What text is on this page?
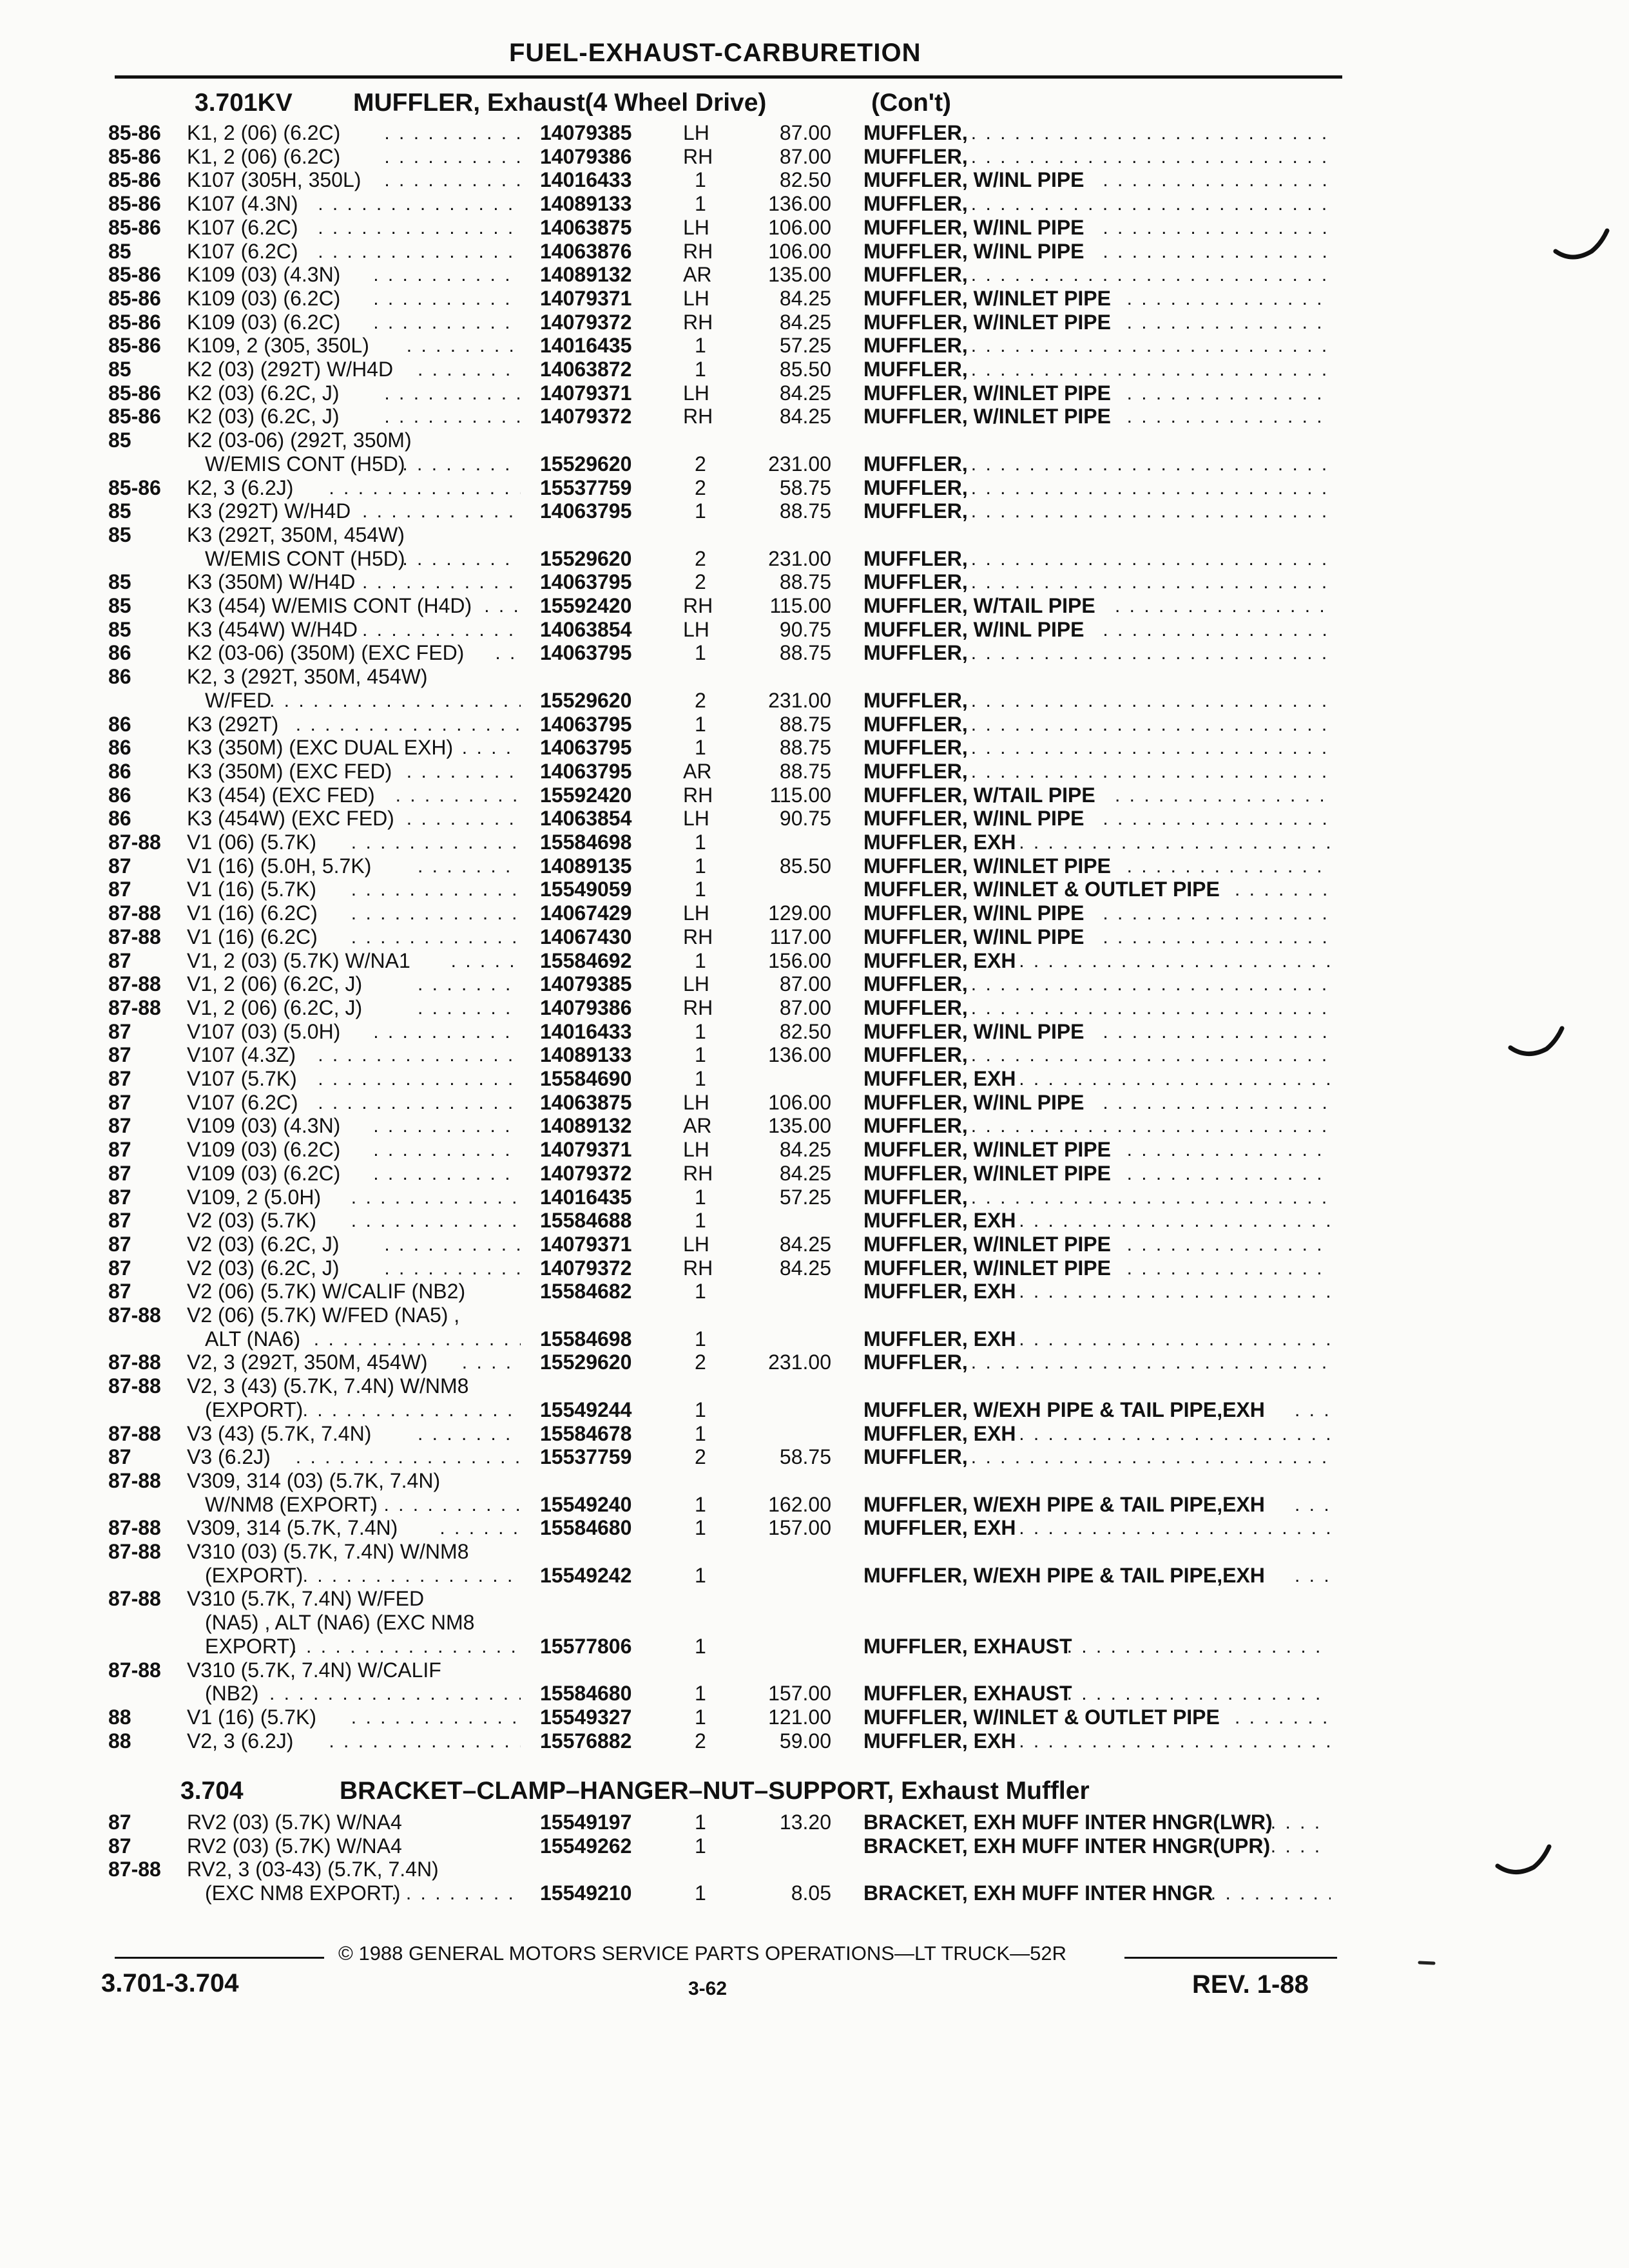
FUEL-EXHAUST-CARBURETION
3.701KV MUFFLER, Exhaust(4 Wheel Drive)	(Con't)
85-86 K1, 2 (06) (6.2C)	14079385 LH	87.00 MUFFLER,
. . .
. . .
85-86 K1, 2 (06) (6.2C)	14079386 RH	87.00 MUFFLER,
. . .
. . .
85-86 K107 (305H, 350L)	14016433	1	82.50 MUFFLER, W/INL PIPE
. . .
. . .
85-86 K107 (4.3N)	14089133	1	136.00 MUFFLER,
. . .
. . .
85-86 K107 (6.2C)	14063875 LH	106.00 MUFFLER, W/INL PIPE
. . .
. . .
85	K107 (6.2C)	14063876 RH	106.00 MUFFLER, W/INL PIPE
. . .
. . .
85-86 K109 (03) (4.3N)	14089132 AR	135.00 MUFFLER,
. . .
. . .
85-86 K109 (03) (6.2C)	14079371 LH	84.25 MUFFLER, W/INLET PIPE
. . .
. . .
85-86 K109 (03) (6.2C)	14079372 RH	84.25 MUFFLER, W/INLET PIPE
. . .
. . .
85-86 K109, 2 (305, 350L)	14016435	1	57.25 MUFFLER,
. . .
. . .
85	K2 (03) (292T) W/H4D	14063872	1	85.50 MUFFLER,
. . .
. . .
85-86 K2 (03) (6.2C, J)	14079371 LH	84.25 MUFFLER, W/INLET PIPE
. . .
. . .
85-86 K2 (03) (6.2C, J)	14079372 RH	84.25 MUFFLER, W/INLET PIPE
. . .
. . .
85	K2 (03-06) (292T, 350M)
W/EMIS CONT (H5D)	15529620	2	231.00 MUFFLER,
. . .
. . .
85-86 K2, 3 (6.2J)	15537759	2	58.75 MUFFLER,
. . .
. . .
85	K3 (292T) W/H4D	14063795	1	88.75 MUFFLER,
. . .
. . .
85	K3 (292T, 350M, 454W)
W/EMIS CONT (H5D)	15529620	2	231.00 MUFFLER,
. . .
. . .
85	K3 (350M) W/H4D	14063795	2	88.75 MUFFLER,
. . .
. . .
85	K3 (454) W/EMIS CONT (H4D)	15592420 RH	115.00 MUFFLER, W/TAIL PIPE
. . .
. . .
85	K3 (454W) W/H4D	14063854 LH	90.75 MUFFLER, W/INL PIPE
. . .
. . .
86	K2 (03-06) (350M) (EXC FED)	14063795	1	88.75 MUFFLER,
. . .
. . .
86	K2, 3 (292T, 350M, 454W)
W/FED	15529620	2	231.00 MUFFLER,
. . .
. . .
86	K3 (292T)	14063795	1	88.75 MUFFLER,
. . .
. . .
86	K3 (350M) (EXC DUAL EXH)	14063795	1	88.75 MUFFLER,
. . .
. . .
86	K3 (350M) (EXC FED)	14063795 AR	88.75 MUFFLER,
. . .
. . .
86	K3 (454) (EXC FED)	15592420 RH	115.00 MUFFLER, W/TAIL PIPE
. . .
. . .
86	K3 (454W) (EXC FED)	14063854 LH	90.75 MUFFLER, W/INL PIPE
. . .
. . .
87-88 V1 (06) (5.7K)	15584698	1	MUFFLER, EXH
. . .
. . .
87	V1 (16) (5.0H, 5.7K)	14089135	1	85.50 MUFFLER, W/INLET PIPE
. . .
. . .
87	V1 (16) (5.7K)	15549059	1	MUFFLER, W/INLET & OUTLET PIPE
. . .
. . .
87-88 V1 (16) (6.2C)	14067429 LH	129.00 MUFFLER, W/INL PIPE
. . .
. . .
87-88 V1 (16) (6.2C)	14067430 RH	117.00 MUFFLER, W/INL PIPE
. . .
. . .
87	V1, 2 (03) (5.7K) W/NA1	15584692	1	156.00 MUFFLER, EXH
. . .
. . .
87-88 V1, 2 (06) (6.2C, J)	14079385 LH	87.00 MUFFLER,
. . .
. . .
87-88 V1, 2 (06) (6.2C, J)	14079386 RH	87.00 MUFFLER,
. . .
. . .
87	V107 (03) (5.0H)	14016433	1	82.50 MUFFLER, W/INL PIPE
. . .
. . .
87	V107 (4.3Z)	14089133	1	136.00 MUFFLER,
. . .
. . .
87	V107 (5.7K)	15584690	1	MUFFLER, EXH
. . .
. . .
87	V107 (6.2C)	14063875 LH	106.00 MUFFLER, W/INL PIPE
. . .
. . .
87	V109 (03) (4.3N)	14089132 AR	135.00 MUFFLER,
. . .
. . .
87	V109 (03) (6.2C)	14079371 LH	84.25 MUFFLER, W/INLET PIPE
. . .
. . .
87	V109 (03) (6.2C)	14079372 RH	84.25 MUFFLER, W/INLET PIPE
. . .
. . .
87	V109, 2 (5.0H)	14016435	1	57.25 MUFFLER,
. . .
. . .
87	V2 (03) (5.7K)	15584688	1	MUFFLER, EXH
. . .
. . .
87	V2 (03) (6.2C, J)	14079371 LH	84.25 MUFFLER, W/INLET PIPE
. . .
. . .
87	V2 (03) (6.2C, J)	14079372 RH	84.25 MUFFLER, W/INLET PIPE
. . .
. . .
87	V2 (06) (5.7K) W/CALIF (NB2)	15584682	1	MUFFLER, EXH
. . .
87-88 V2 (06) (5.7K) W/FED (NA5) ,
ALT (NA6)	15584698	1	MUFFLER, EXH
. . .
. . .
87-88 V2, 3 (292T, 350M, 454W)	15529620	2	231.00 MUFFLER,
. . .
. . .
87-88 V2, 3 (43) (5.7K, 7.4N) W/NM8
(EXPORT)	15549244	1	MUFFLER, W/EXH PIPE & TAIL PIPE,EXH
. . .
. . .
87-88 V3 (43) (5.7K, 7.4N)	15584678	1	MUFFLER, EXH
. . .
. . .
87	V3 (6.2J)	15537759	2	58.75 MUFFLER,
. . .
. . .
87-88 V309, 314 (03) (5.7K, 7.4N)
W/NM8 (EXPORT)	15549240	1	162.00 MUFFLER, W/EXH PIPE & TAIL PIPE,EXH
. . .
. . .
87-88 V309, 314 (5.7K, 7.4N)	15584680	1	157.00 MUFFLER, EXH
. . .
. . .
87-88 V310 (03) (5.7K, 7.4N) W/NM8
(EXPORT)	15549242	1	MUFFLER, W/EXH PIPE & TAIL PIPE,EXH
. . .
. . .
87-88 V310 (5.7K, 7.4N) W/FED
(NA5) , ALT (NA6) (EXC NM8
EXPORT)	15577806	1	MUFFLER, EXHAUST
. . .
. . .
87-88 V310 (5.7K, 7.4N) W/CALIF
(NB2)	15584680	1	157.00 MUFFLER, EXHAUST
. . .
. . .
88	V1 (16) (5.7K)	15549327	1	121.00 MUFFLER, W/INLET & OUTLET PIPE
. . .
. . .
88	V2, 3 (6.2J)	15576882	2	59.00 MUFFLER, EXH
. . .
. . .
3.704	BRACKET–CLAMP–HANGER–NUT–SUPPORT, Exhaust Muffler
87	RV2 (03) (5.7K) W/NA4	15549197	1	13.20 BRACKET, EXH MUFF INTER HNGR(LWR)
. . .
87	RV2 (03) (5.7K) W/NA4	15549262	1	BRACKET, EXH MUFF INTER HNGR(UPR)
. . .
87-88 RV2, 3 (03-43) (5.7K, 7.4N)
(EXC NM8 EXPORT)	15549210	1	8.05 BRACKET, EXH MUFF INTER HNGR
. . .
. . .
© 1988 GENERAL MOTORS SERVICE PARTS OPERATIONS—LT TRUCK—52R
3.701-3.704	3-62	REV. 1-88
